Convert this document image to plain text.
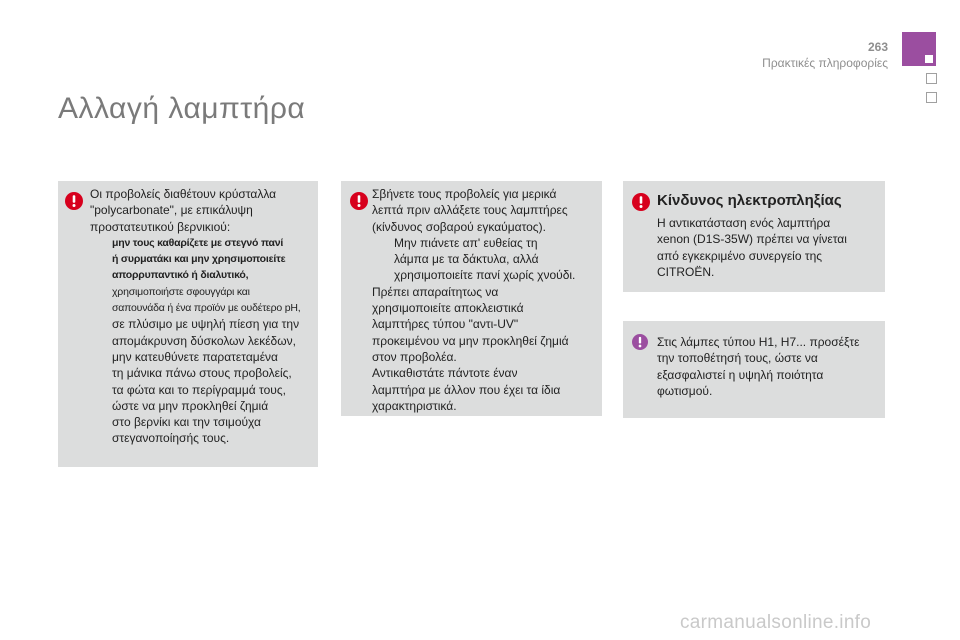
263
Πρακτικές πληροφορίες
Αλλαγή λαμπτήρα
Οι προβολείς διαθέτουν κρύσταλλα
"polycarbonate", με επικάλυψη
προστατευτικού βερνικιού:
μην τους καθαρίζετε με στεγνό πανί
ή συρματάκι και μην χρησιμοποιείτε
απορρυπαντικό ή διαλυτικό,
χρησιμοποιήστε σφουγγάρι και
σαπουνάδα ή ένα προϊόν με ουδέτερο pH,
σε πλύσιμο με υψηλή πίεση για την
απομάκρυνση δύσκολων λεκέδων,
μην κατευθύνετε παρατεταμένα
τη μάνικα πάνω στους προβολείς,
τα φώτα και το περίγραμμά τους,
ώστε να μην προκληθεί ζημιά
στο βερνίκι και την τσιμούχα
στεγανοποίησής τους.
Σβήνετε τους προβολείς για μερικά
λεπτά πριν αλλάξετε τους λαμπτήρες
(κίνδυνος σοβαρού εγκαύματος).
Μην πιάνετε απ' ευθείας τη
λάμπα με τα δάκτυλα, αλλά
χρησιμοποιείτε πανί χωρίς χνούδι.
Πρέπει απαραίτητως να
χρησιμοποιείτε αποκλειστικά
λαμπτήρες τύπου "αντι-UV"
προκειμένου να μην προκληθεί ζημιά
στον προβολέα.
Αντικαθιστάτε πάντοτε έναν
λαμπτήρα με άλλον που έχει τα ίδια
χαρακτηριστικά.
Κίνδυνος ηλεκτροπληξίας
Η αντικατάσταση ενός λαμπτήρα
xenon (D1S-35W) πρέπει να γίνεται
από εγκεκριμένο συνεργείο της
CITROËN.
Στις λάμπες τύπου H1, H7... προσέξτε
την τοποθέτησή τους, ώστε να
εξασφαλιστεί η υψηλή ποιότητα
φωτισμού.
carmanualsonline.info
